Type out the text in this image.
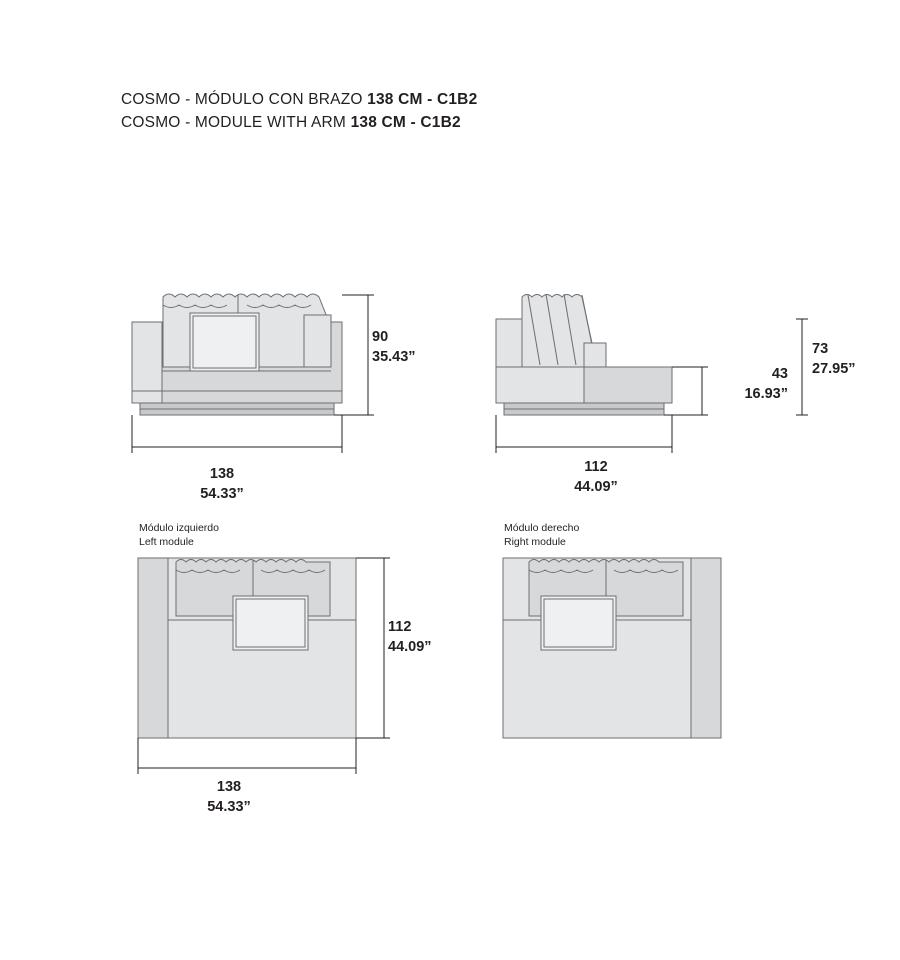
COSMO - MÓDULO CON BRAZO 138 CM - C1B2
COSMO - MODULE WITH ARM 138 CM - C1B2
90
35.43”
138
54.33”
43
16.93”
73
27.95”
112
44.09”
Módulo izquierdo
Left module
112
44.09”
138
54.33”
Módulo derecho
Right module
